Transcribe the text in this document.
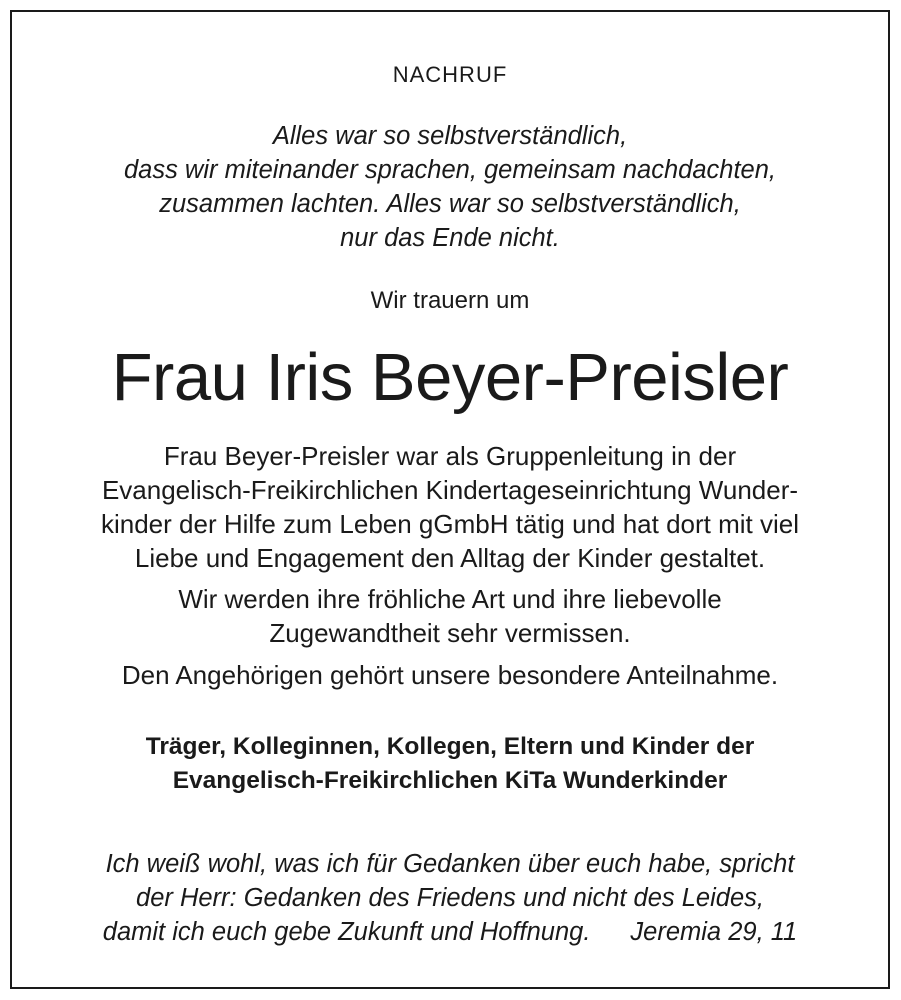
NACHRUF

Alles war so selbstverständlich,

dass wir miteinander sprachen, gemeinsam nachdachten,

zusammen lachten. Alles war so selbstverständlich,

nur das Ende nicht.

Wir trauern um

Frau Iris Beyer-Preisler

Frau Beyer-Preisler war als Gruppenleitung in der

Evangelisch-Freikirchlichen Kindertageseinrichtung Wunder-

kinder der Hilfe zum Leben gGmbH tätig und hat dort mit viel

Liebe und Engagement den Alltag der Kinder gestaltet.

Wir werden ihre fröhliche Art und ihre liebevolle

Zugewandtheit sehr vermissen.

Den Angehörigen gehört unsere besondere Anteilnahme.

Träger, Kolleginnen, Kollegen, Eltern und Kinder der

Evangelisch-Freikirchlichen KiTa Wunderkinder

Ich weiß wohl, was ich für Gedanken über euch habe, spricht

der Herr: Gedanken des Friedens und nicht des Leides,

damit ich euch gebe Zukunft und Hoffnung. Jeremia 29, 11
